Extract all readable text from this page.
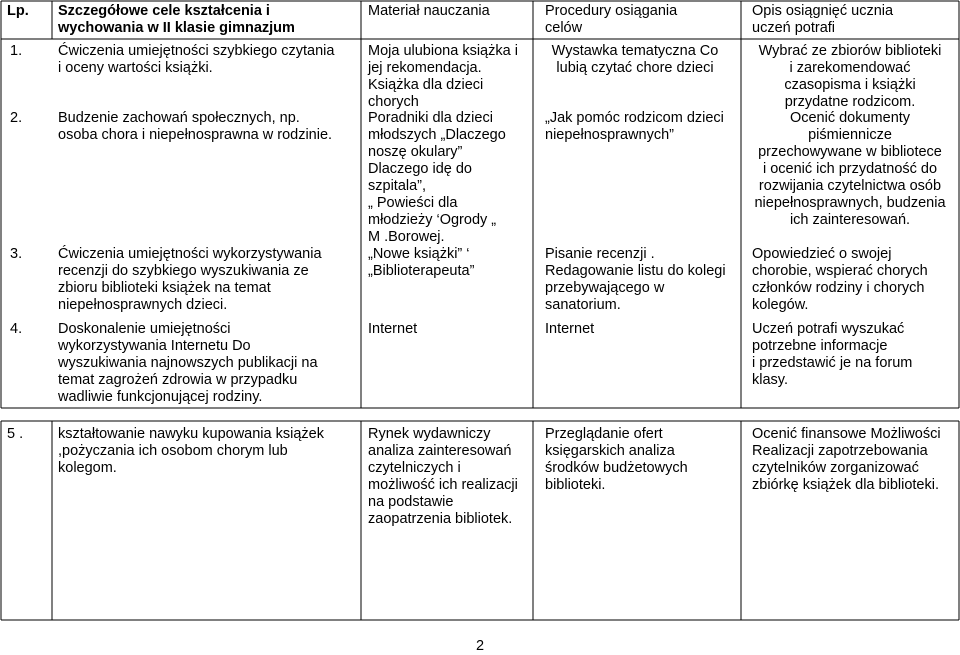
Lp. Szczegółowe cele kształcenia i
wychowania w II klasie gimnazjum
Materiał nauczania	Procedury osiągania
celów
Opis osiągnięć ucznia
uczeń potrafi
1. Ćwiczenia umiejętności szybkiego czytania
i oceny wartości książki.
2. Budzenie zachowań społecznych, np.
osoba chora i niepełnosprawna w rodzinie.
3. Ćwiczenia umiejętności wykorzystywania
recenzji do szybkiego wyszukiwania ze
zbioru biblioteki książek na temat
niepełnosprawnych dzieci.
4. Doskonalenie umiejętności
wykorzystywania Internetu Do
wyszukiwania najnowszych publikacji na
temat zagrożeń zdrowia w przypadku
wadliwie funkcjonującej rodziny.
Moja ulubiona książka i
jej rekomendacja.
Książka dla dzieci
chorych
Poradniki dla dzieci
młodszych „Dlaczego
noszę okulary”
Dlaczego idę do
szpitala”,
„ Powieści dla
młodzieży ‘Ogrody „
M .Borowej.
„Nowe książki” ‘
„Biblioterapeuta”
Internet
Wystawka tematyczna Co
lubią czytać chore dzieci
„Jak pomóc rodzicom dzieci
niepełnosprawnych”
Pisanie recenzji .
Redagowanie listu do kolegi
przebywającego w
sanatorium.
Internet
Wybrać ze zbiorów biblioteki
i zarekomendować
czasopisma i książki
przydatne rodzicom.
Ocenić dokumenty
piśmiennicze
przechowywane w bibliotece
i ocenić ich przydatność do
rozwijania czytelnictwa osób
niepełnosprawnych, budzenia
ich zainteresowań.
Opowiedzieć o swojej
chorobie, wspierać chorych
członków rodziny i chorych
kolegów.
Uczeń potrafi wyszukać
potrzebne informacje
i przedstawić je na forum
klasy.
5 . kształtowanie nawyku kupowania książek
,pożyczania ich osobom chorym lub
kolegom.
Rynek wydawniczy
analiza zainteresowań
czytelniczych i
możliwość ich realizacji
na podstawie
zaopatrzenia bibliotek.
Przeglądanie ofert
księgarskich analiza
środków budżetowych
biblioteki.
Ocenić finansowe Możliwości
Realizacji zapotrzebowania
czytelników zorganizować
zbiórkę książek dla biblioteki.
2
